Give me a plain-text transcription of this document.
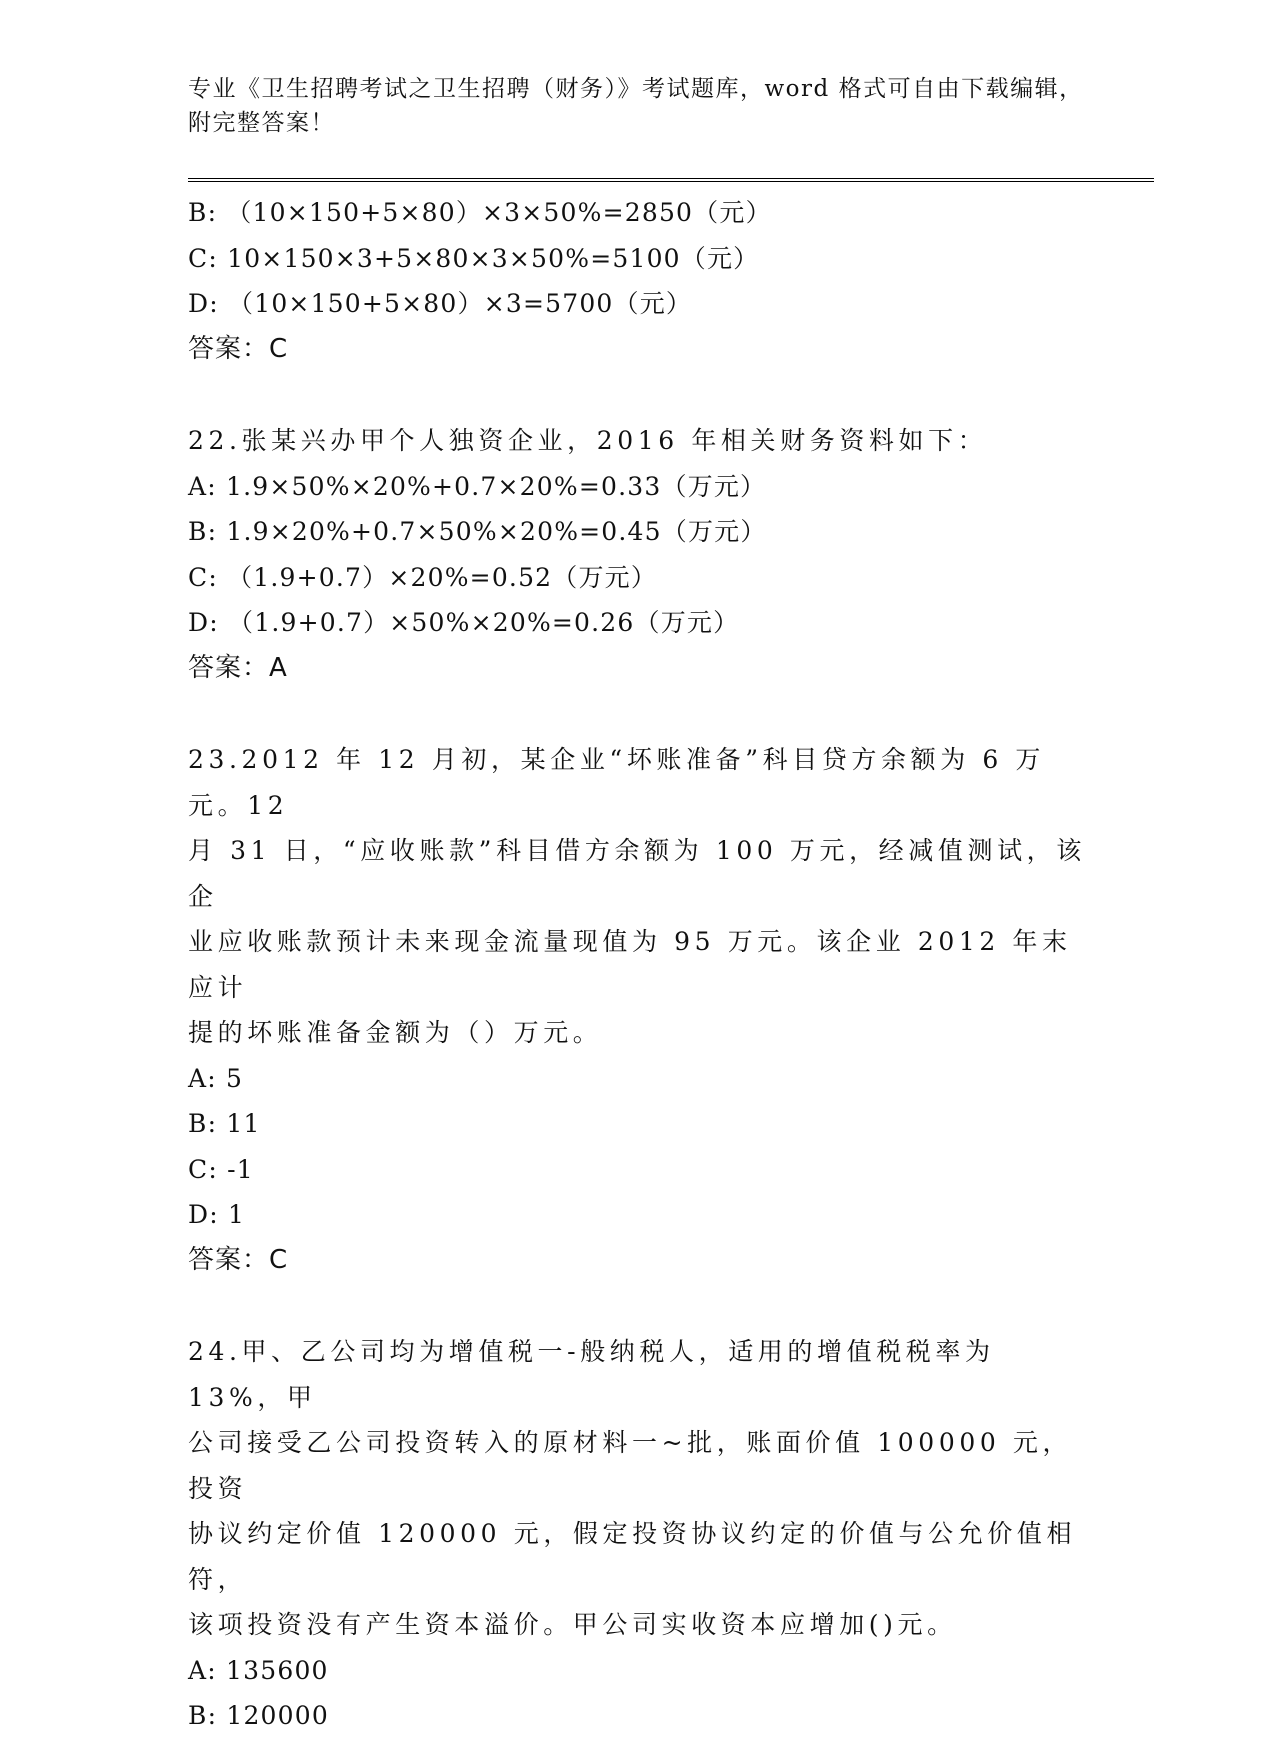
专业《卫生招聘考试之卫生招聘（财务）》考试题库，word 格式可自由下载编辑，附完整答案！
B: （10×150+5×80）×3×50%=2850（元）
C: 10×150×3+5×80×3×50%=5100（元）
D: （10×150+5×80）×3=5700（元）
答案：C
22.张某兴办甲个人独资企业，2016 年相关财务资料如下：
A: 1.9×50%×20%+0.7×20%=0.33（万元）
B: 1.9×20%+0.7×50%×20%=0.45（万元）
C: （1.9+0.7）×20%=0.52（万元）
D: （1.9+0.7）×50%×20%=0.26（万元）
答案：A
23.2012 年 12 月初，某企业“坏账准备”科目贷方余额为 6 万元。12
月 31 日，“应收账款”科目借方余额为 100 万元，经减值测试，该企
业应收账款预计未来现金流量现值为 95 万元。该企业 2012 年末应计
提的坏账准备金额为（）万元。
A: 5
B: 11
C: -1
D: 1
答案：C
24.甲、乙公司均为增值税一-般纳税人，适用的增值税税率为 13%，甲
公司接受乙公司投资转入的原材料一~批，账面价值 100000 元，投资
协议约定价值 120000 元，假定投资协议约定的价值与公允价值相符，
该项投资没有产生资本溢价。甲公司实收资本应增加()元。
A: 135600
B: 120000
